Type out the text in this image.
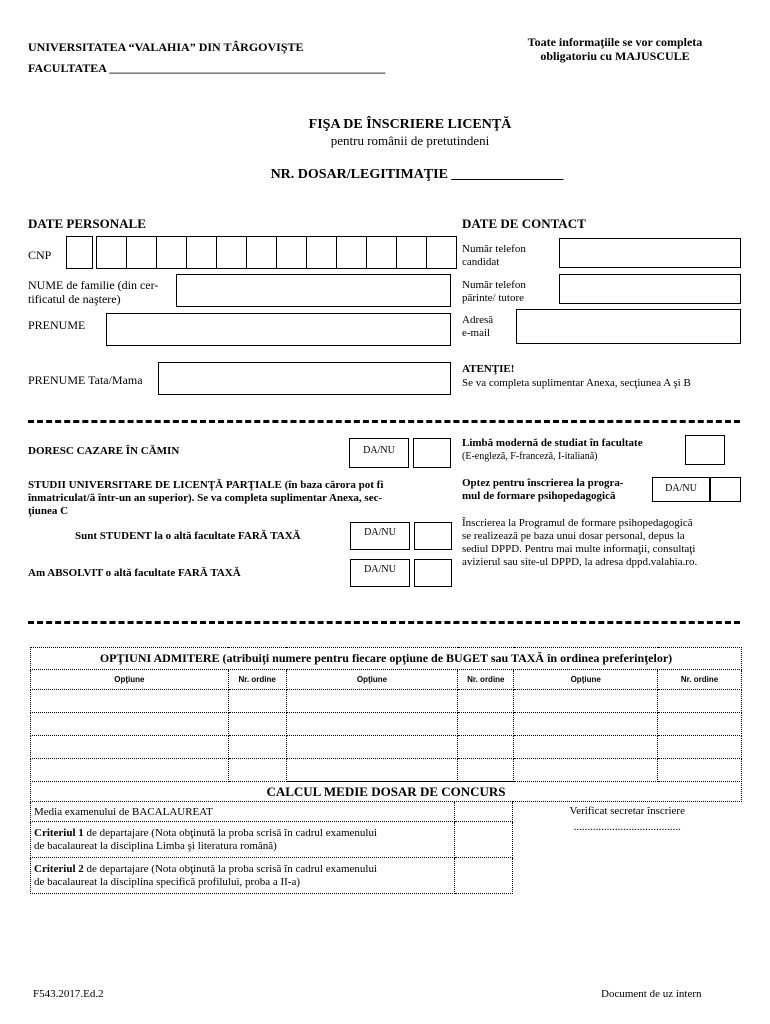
UNIVERSITATEA “VALAHIA” DIN TÂRGOVIŞTE
FACULTATEA ______________________________________________
Toate informaţiile se vor completa
obligatoriu cu MAJUSCULE
FIŞA DE ÎNSCRIERE LICENŢĂ
pentru românii de pretutindeni
NR. DOSAR/LEGITIMAŢIE ________________
DATE PERSONALE
CNP
NUME de familie (din cer-
tificatul de naştere)
PRENUME
PRENUME Tata/Mama
DATE DE CONTACT
Număr telefon
candidat
Număr telefon
părinte/ tutore
Adresă
e-mail
ATENŢIE!
Se va completa suplimentar Anexa, secţiunea A şi B
DORESC CAZARE ÎN CĂMIN	DA/NU
STUDII UNIVERSITARE DE LICENŢĂ PARŢIALE (în baza cărora pot fi
înmatriculat/ă într-un an superior). Se va completa suplimentar Anexa, sec-
ţiunea C
Sunt STUDENT la o altă facultate FARĂ TAXĂ	DA/NU
Am ABSOLVIT o altă facultate FARĂ TAXĂ	DA/NU
Limbă modernă de studiat în facultate
(E-engleză, F-franceză, I-italiană)
Optez pentru înscrierea la progra-
mul de formare psihopedagogică
DA/NU
Înscrierea la Programul de formare psihopedagogică
se realizează pe baza unui dosar personal, depus la
sediul DPPD. Pentru mai multe informaţii, consultaţi
avizierul sau site-ul DPPD, la adresa dppd.valahia.ro.
OPŢIUNI ADMITERE (atribuiţi numere pentru fiecare opţiune de BUGET sau TAXĂ în ordinea preferinţelor)					
Opţiune	Nr. ordine	Opţiune	Nr. ordine	Opţiune	Nr. ordine

CALCUL MEDIE DOSAR DE CONCURS		
Media examenului de BACALAUREAT		Verificat secretar înscriere
.......................................

Criteriul 1 de departajare (Nota obţinută la proba scrisă în cadrul examenului
de bacalaureat la disciplina Limba şi literatura română)		
Criteriul 2 de departajare (Nota obţinută la proba scrisă în cadrul examenului
de bacalaureat la disciplina specifică profilului, proba a II-a)		
F543.2017.Ed.2	Document de uz intern
